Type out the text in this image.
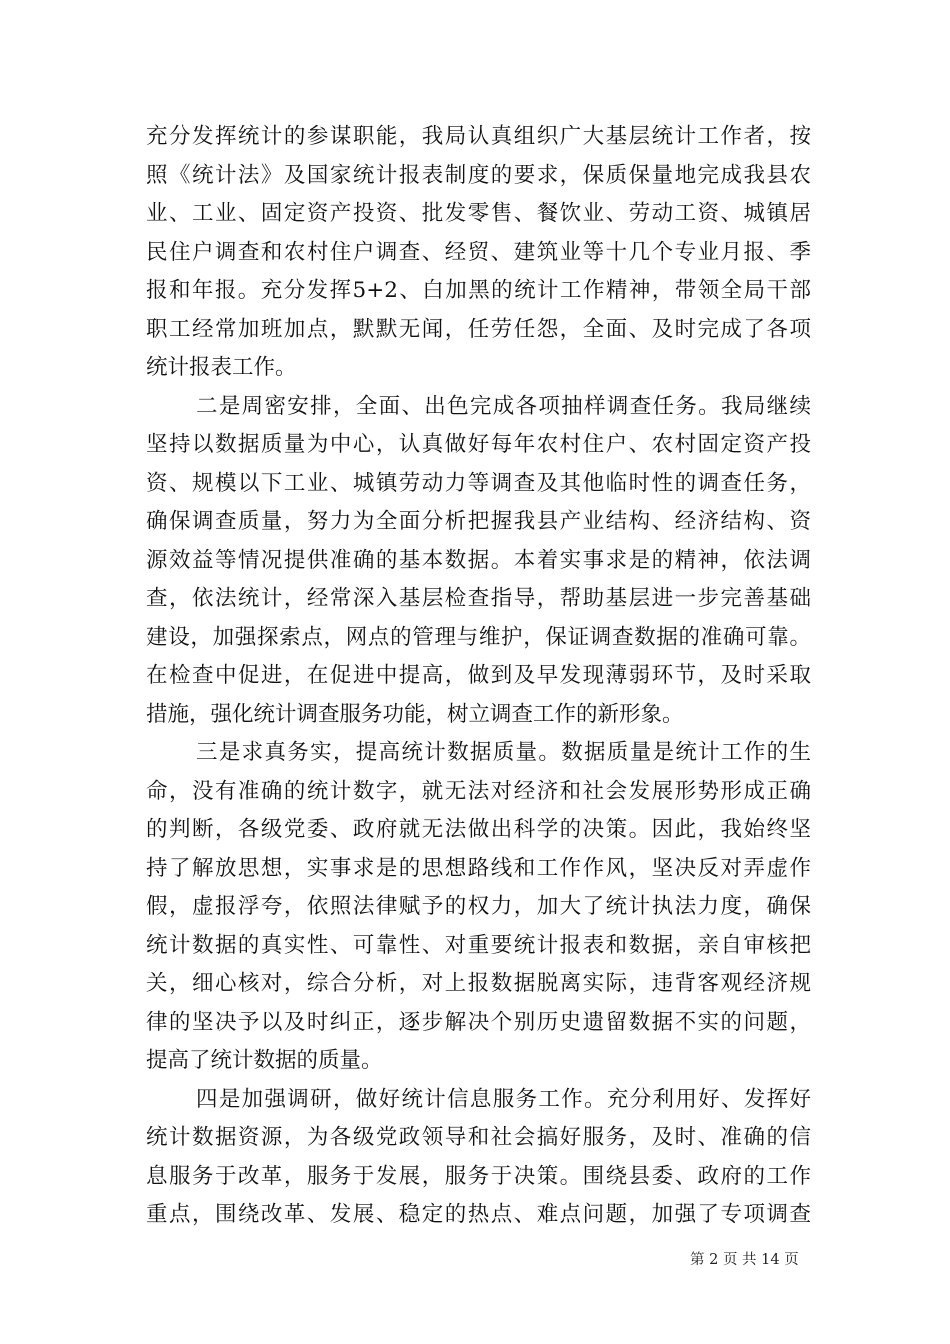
充分发挥统计的参谋职能，我局认真组织广大基层统计工作者，按
照《统计法》及国家统计报表制度的要求，保质保量地完成我县农
业、工业、固定资产投资、批发零售、餐饮业、劳动工资、城镇居
民住户调查和农村住户调查、经贸、建筑业等十几个专业月报、季
报和年报。充分发挥5+2、白加黑的统计工作精神，带领全局干部
职工经常加班加点，默默无闻，任劳任怨，全面、及时完成了各项
统计报表工作。
二是周密安排，全面、出色完成各项抽样调查任务。我局继续
坚持以数据质量为中心，认真做好每年农村住户、农村固定资产投
资、规模以下工业、城镇劳动力等调查及其他临时性的调查任务，
确保调查质量，努力为全面分析把握我县产业结构、经济结构、资
源效益等情况提供准确的基本数据。本着实事求是的精神，依法调
查，依法统计，经常深入基层检查指导，帮助基层进一步完善基础
建设，加强探索点，网点的管理与维护，保证调查数据的准确可靠。
在检查中促进，在促进中提高，做到及早发现薄弱环节，及时采取
措施，强化统计调查服务功能，树立调查工作的新形象。
三是求真务实，提高统计数据质量。数据质量是统计工作的生
命，没有准确的统计数字，就无法对经济和社会发展形势形成正确
的判断，各级党委、政府就无法做出科学的决策。因此，我始终坚
持了解放思想，实事求是的思想路线和工作作风，坚决反对弄虚作
假，虚报浮夸，依照法律赋予的权力，加大了统计执法力度，确保
统计数据的真实性、可靠性、对重要统计报表和数据，亲自审核把
关，细心核对，综合分析，对上报数据脱离实际，违背客观经济规
律的坚决予以及时纠正，逐步解决个别历史遗留数据不实的问题，
提高了统计数据的质量。
四是加强调研，做好统计信息服务工作。充分利用好、发挥好
统计数据资源，为各级党政领导和社会搞好服务，及时、准确的信
息服务于改革，服务于发展，服务于决策。围绕县委、政府的工作
重点，围绕改革、发展、稳定的热点、难点问题，加强了专项调查
第 2 页 共 14 页
